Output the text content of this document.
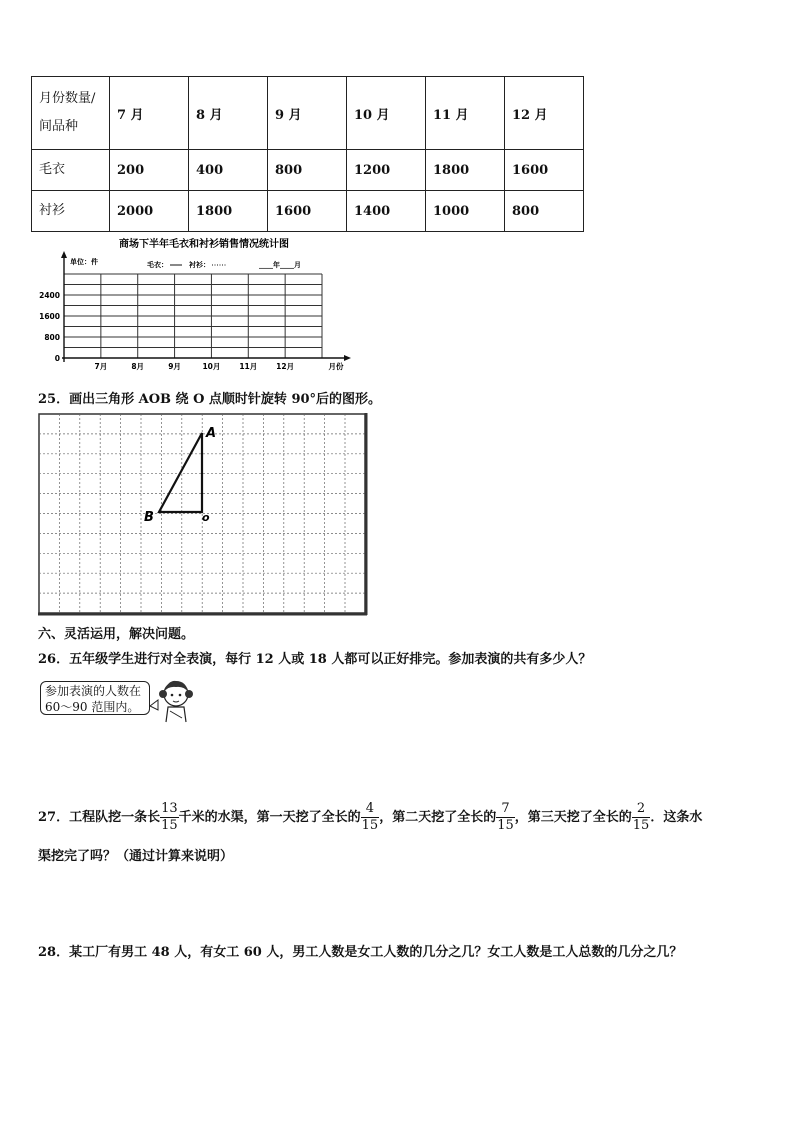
月份数量/
间品种	7 月	8 月	9 月	10 月	11 月	12 月
毛衣	200	400	800	1200	1800	1600
衬衫	2000	1800	1600	1400	1000	800
商场下半年毛衣和衬衫销售情况统计图
单位：件	毛衣：	衬衫：	____年____月
2400
1600
800
0
7月	8月	9月	10月	11月	12月	月份
25．画出三角形 AOB 绕 O 点顺时针旋转 90°后的图形。
A
B	o
六、灵活运用，解决问题。
26．五年级学生进行对全表演，每行 12 人或 18 人都可以正好排完。参加表演的共有多少人？
参加表演的人数在
60～90 范围内。
27．工程队挖一条长 $\frac{13}{15}$ 千米的水渠，第一天挖了全长的 $\frac{4}{15}$ ，第二天挖了全长的 $\frac{7}{15}$ ，第三天挖了全长的 $\frac{2}{15}$ ．这条水
渠挖完了吗？（通过计算来说明）
28．某工厂有男工 48 人，有女工 60 人，男工人数是女工人数的几分之几？女工人数是工人总数的几分之几？
